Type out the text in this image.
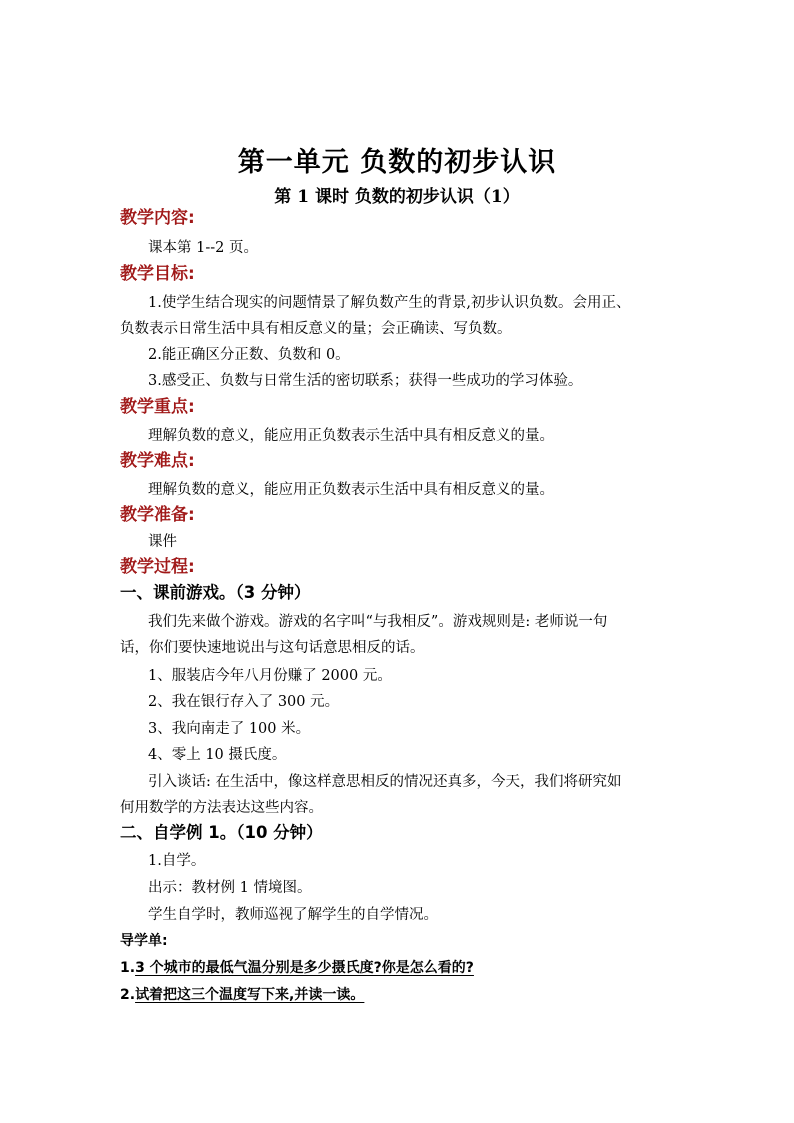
第一单元 负数的初步认识
第 1 课时 负数的初步认识（1）
教学内容:
课本第 1--2 页。
教学目标:
1.使学生结合现实的问题情景了解负数产生的背景,初步认识负数。会用正、
负数表示日常生活中具有相反意义的量；会正确读、写负数。
2.能正确区分正数、负数和 0。
3.感受正、负数与日常生活的密切联系；获得一些成功的学习体验。
教学重点:
理解负数的意义，能应用正负数表示生活中具有相反意义的量。
教学难点:
理解负数的意义，能应用正负数表示生活中具有相反意义的量。
教学准备:
课件
教学过程:
一、课前游戏。（3 分钟）
我们先来做个游戏。游戏的名字叫“与我相反”。游戏规则是: 老师说一句
话，你们要快速地说出与这句话意思相反的话。
1、服装店今年八月份赚了 2000 元。
2、我在银行存入了 300 元。
3、我向南走了 100 米。
4、零上 10 摄氏度。
引入谈话: 在生活中，像这样意思相反的情况还真多，今天，我们将研究如
何用数学的方法表达这些内容。
二、自学例 1。（10 分钟）
1.自学。
出示：教材例 1 情境图。
学生自学时，教师巡视了解学生的自学情况。
导学单:
1.3 个城市的最低气温分别是多少摄氏度?你是怎么看的?
2.试着把这三个温度写下来,并读一读。
